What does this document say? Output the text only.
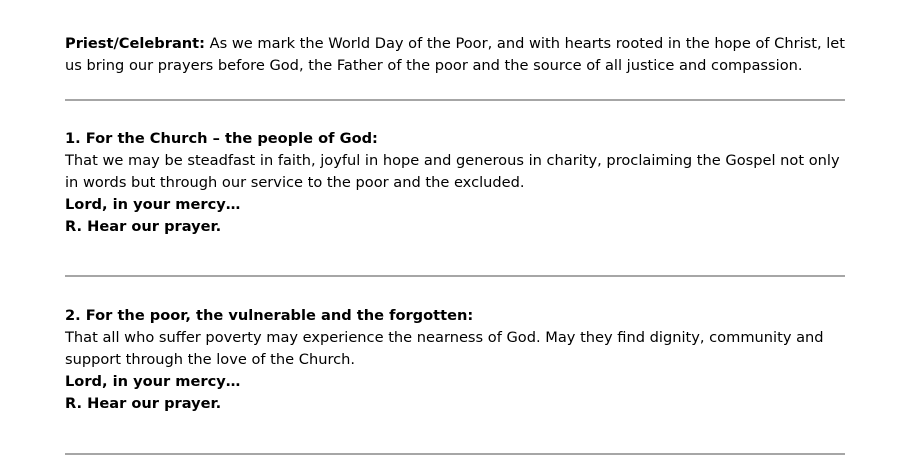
Priest/Celebrant: As we mark the World Day of the Poor, and with hearts rooted in the hope of Christ, let us bring our prayers before God, the Father of the poor and the source of all justice and compassion.

1. For the Church – the people of God:

That we may be steadfast in faith, joyful in hope and generous in charity, proclaiming the Gospel not only in words but through our service to the poor and the excluded.

Lord, in your mercy…

R. Hear our prayer.

2. For the poor, the vulnerable and the forgotten:

That all who suffer poverty may experience the nearness of God. May they find dignity, community and support through the love of the Church.

Lord, in your mercy…

R. Hear our prayer.
